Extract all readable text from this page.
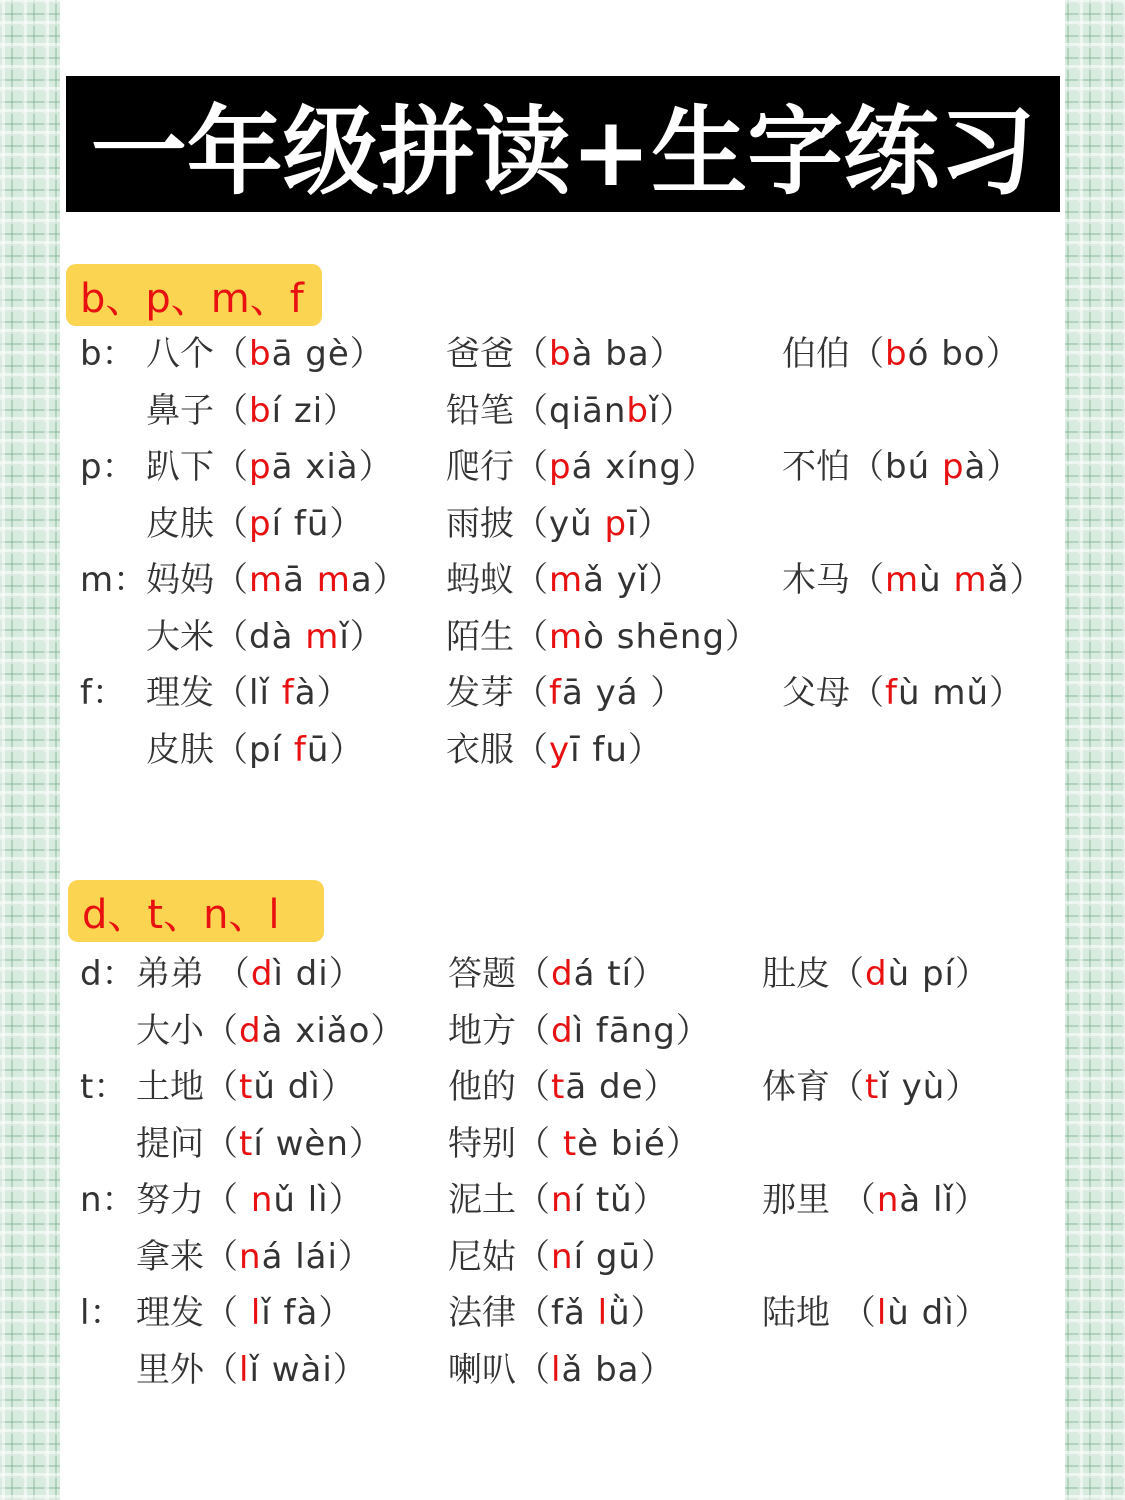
一年级拼读+生字练习
b、p、m、f
b： 八个（bā gè） 爸爸（bà ba）	伯伯（bó bo）
鼻子（bí zi）	铅笔（qiānbǐ）
p： 趴下（pā xià） 爬行（pá xíng） 不怕（bú pà）
皮肤（pí fū） 雨披（yǔ pī）
m：
妈妈（mā ma） 蚂蚁（mǎ yǐ）	木马（mù mǎ）
大米（dà mǐ） 陌生（mò shēng）
f： 理发（lǐ fà）	发芽（fā yá ）	父母（fù mǔ）
皮肤（pí fū） 衣服（yī fu）
d、t、n、l
d： 弟弟 （dì di） 答题（dá tí）	肚皮（dù pí）
大小（dà xiǎo） 地方（dì fāng）
t： 土地（tǔ dì）	他的（tā de） 体育（tǐ yù）
提问（tí wèn） 特别（ tè bié）
n： 努力（ nǔ lì） 泥土（ní tǔ）	那里 （nà lǐ）
拿来（ná lái） 尼姑（ní gū）
l： 理发（ lǐ fà）	法律（fǎ lǜ）	陆地 （lù dì）
里外（lǐ wài） 喇叭（lǎ ba）
